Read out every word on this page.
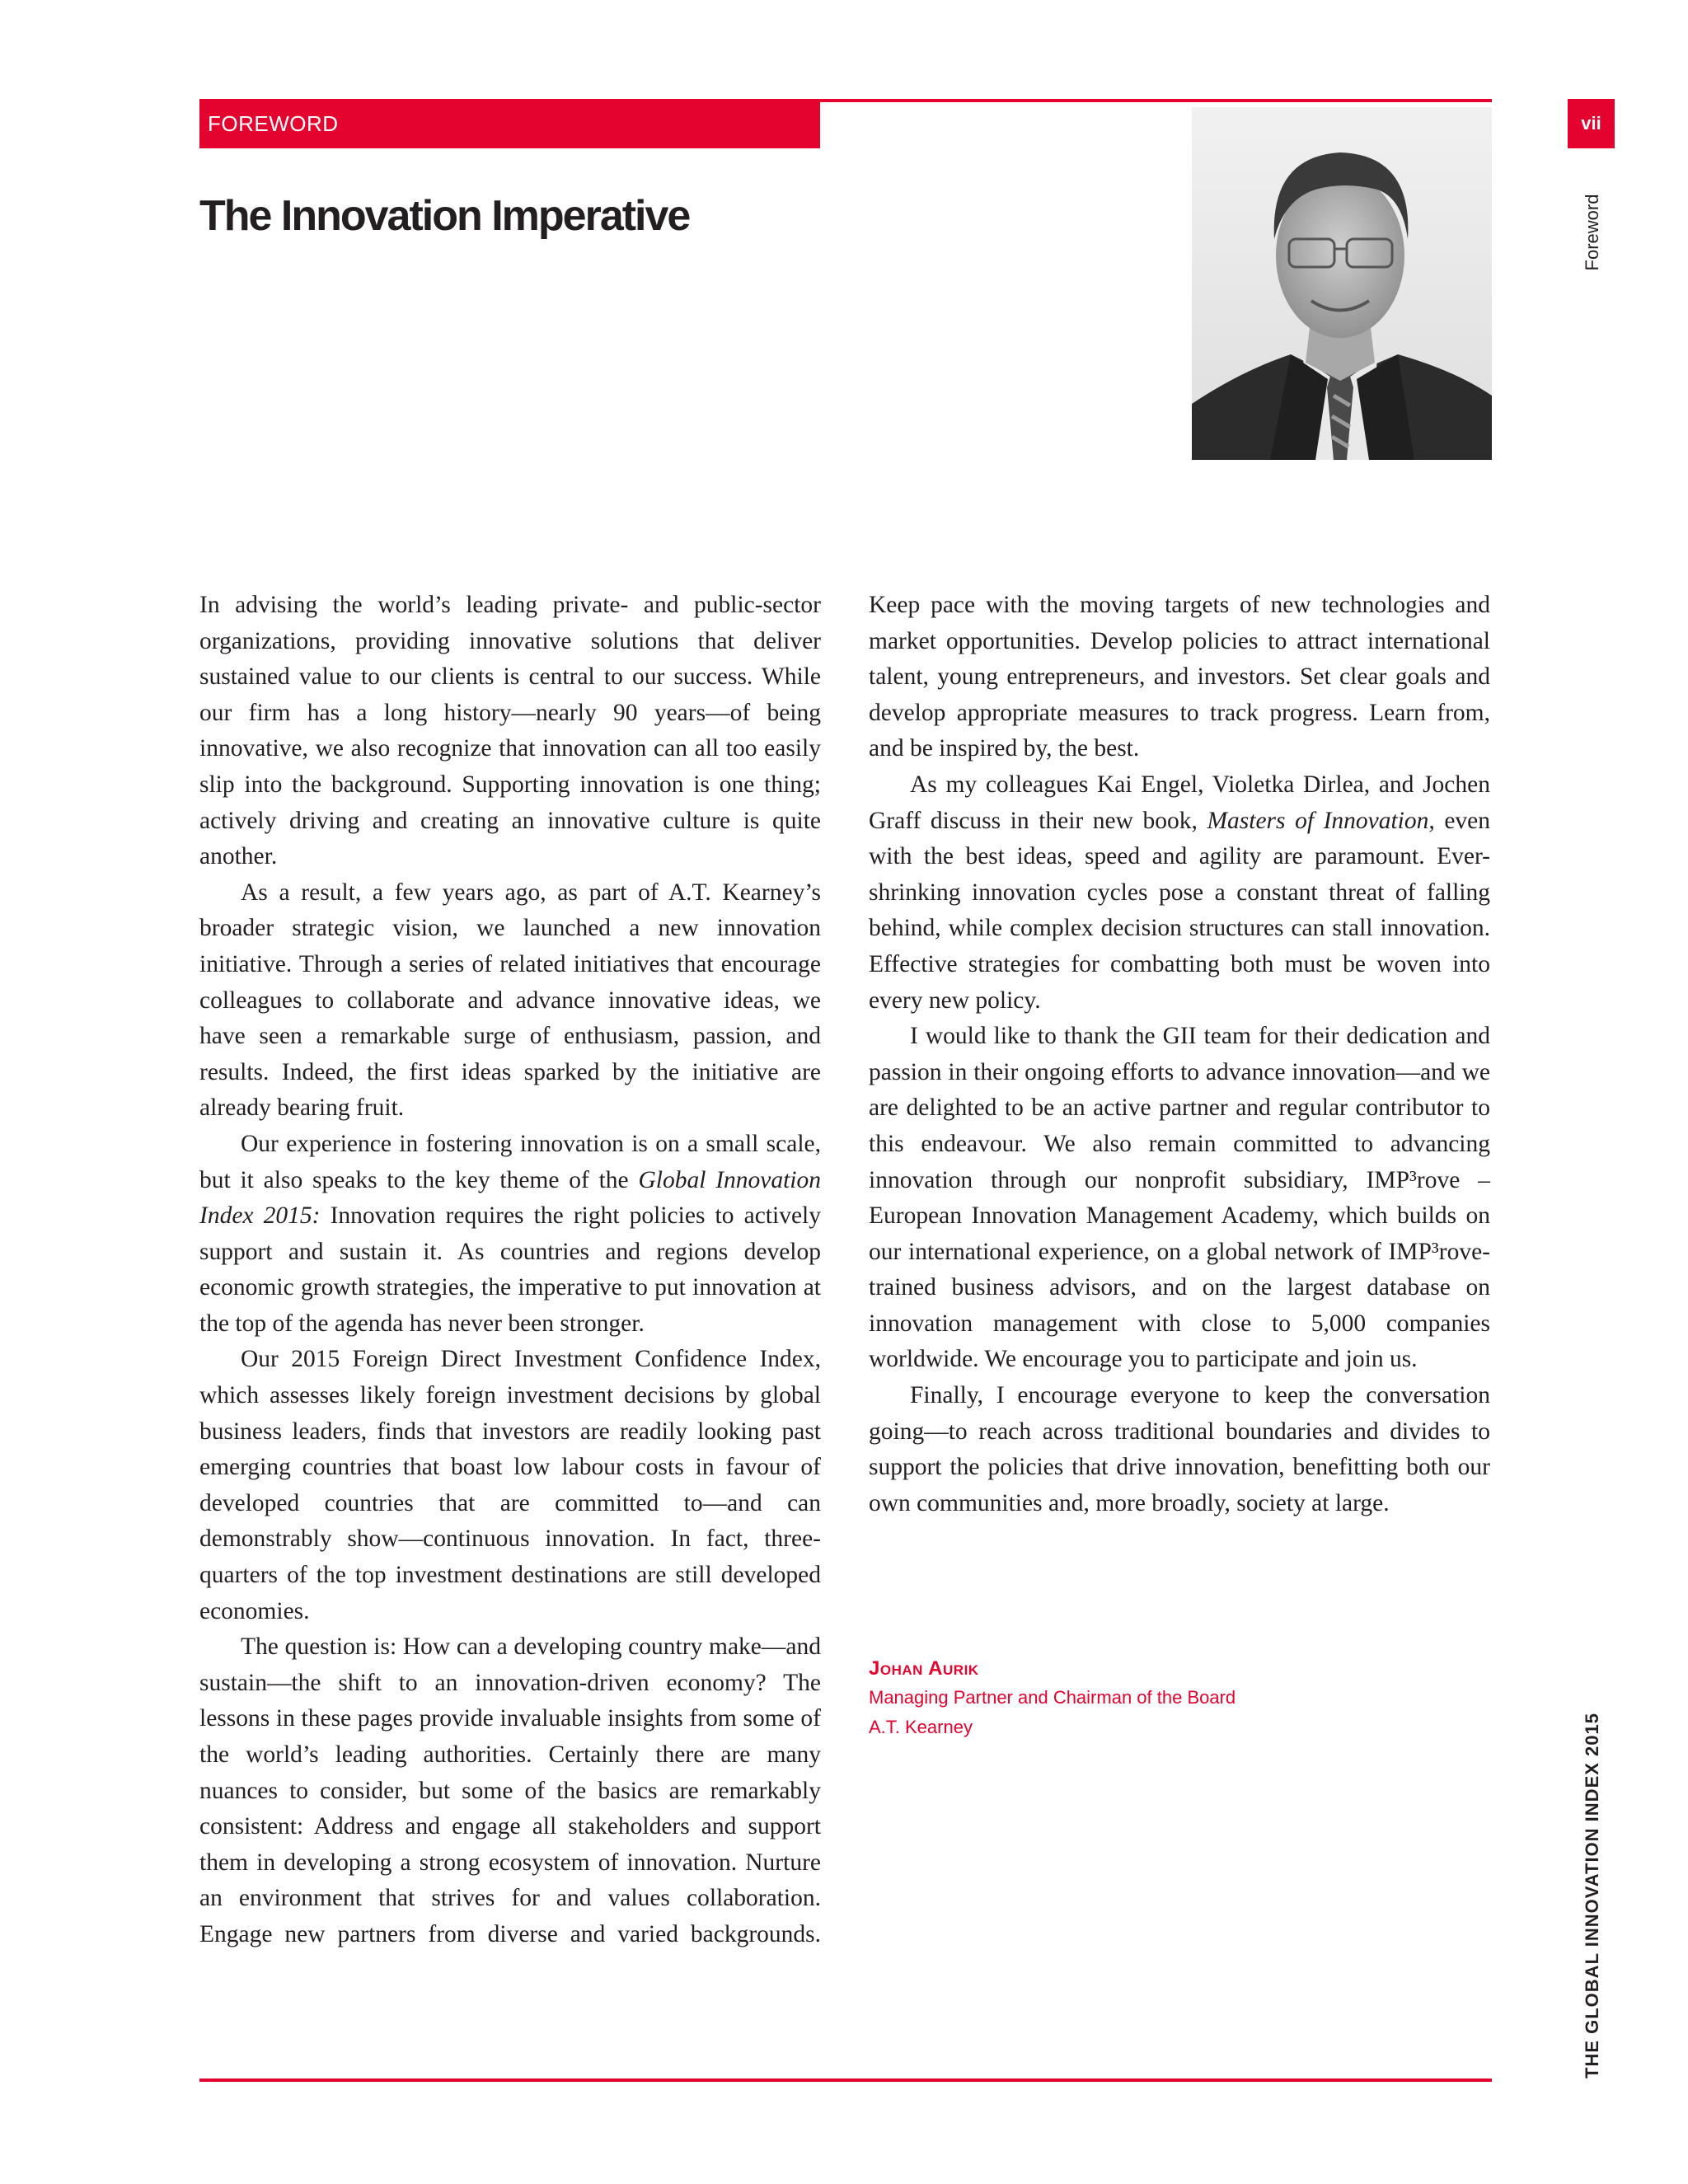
FOREWORD	vii
Foreword
THE GLOBAL INNOVATION INDEX 2015
The Innovation Imperative

In advising the world’s leading private- and public-sector organizations, providing innovative solutions that deliver sustained value to our clients is central to our success. While our firm has a long history—nearly 90 years—of being innovative, we also recognize that innovation can all too easily slip into the background. Supporting innovation is one thing; actively driving and creating an innovative culture is quite another.

As a result, a few years ago, as part of A.T. Kearney’s broader strategic vision, we launched a new innovation initiative. Through a series of related initiatives that encourage colleagues to collaborate and advance innovative ideas, we have seen a remarkable surge of enthusiasm, passion, and results. Indeed, the first ideas sparked by the initiative are already bearing fruit.

Our experience in fostering innovation is on a small scale, but it also speaks to the key theme of the Global Innovation Index 2015: Innovation requires the right policies to actively support and sustain it. As countries and regions develop economic growth strategies, the imperative to put innovation at the top of the agenda has never been stronger.

Our 2015 Foreign Direct Investment Confidence Index, which assesses likely foreign investment decisions by global business leaders, finds that investors are readily looking past emerging countries that boast low labour costs in favour of developed countries that are committed to—and can demonstrably show—continuous innovation. In fact, three-quarters of the top investment destinations are still developed economies.

The question is: How can a developing country make—and sustain—the shift to an innovation-driven economy? The lessons in these pages provide invaluable insights from some of the world’s leading authorities. Certainly there are many nuances to consider, but some of the basics are remarkably consistent: Address and engage all stakeholders and support them in developing a strong ecosystem of innovation. Nurture an environment that strives for and values collaboration. Engage new partners from diverse and varied backgrounds.

Keep pace with the moving targets of new technologies and market opportunities. Develop policies to attract international talent, young entrepreneurs, and investors. Set clear goals and develop appropriate measures to track progress. Learn from, and be inspired by, the best.

As my colleagues Kai Engel, Violetka Dirlea, and Jochen Graff discuss in their new book, Masters of Innovation, even with the best ideas, speed and agility are paramount. Ever-shrinking innovation cycles pose a constant threat of falling behind, while complex decision structures can stall innovation. Effective strategies for combatting both must be woven into every new policy.

I would like to thank the GII team for their dedication and passion in their ongoing efforts to advance innovation—and we are delighted to be an active partner and regular contributor to this endeavour. We also remain committed to advancing innovation through our nonprofit subsidiary, IMP³rove – European Innovation Management Academy, which builds on our international experience, on a global network of IMP³rove-trained business advisors, and on the largest database on innovation management with close to 5,000 companies worldwide. We encourage you to participate and join us.

Finally, I encourage everyone to keep the conversation going—to reach across traditional boundaries and divides to support the policies that drive innovation, benefitting both our own communities and, more broadly, society at large.

Johan Aurik
Managing Partner and Chairman of the Board
A.T. Kearney
